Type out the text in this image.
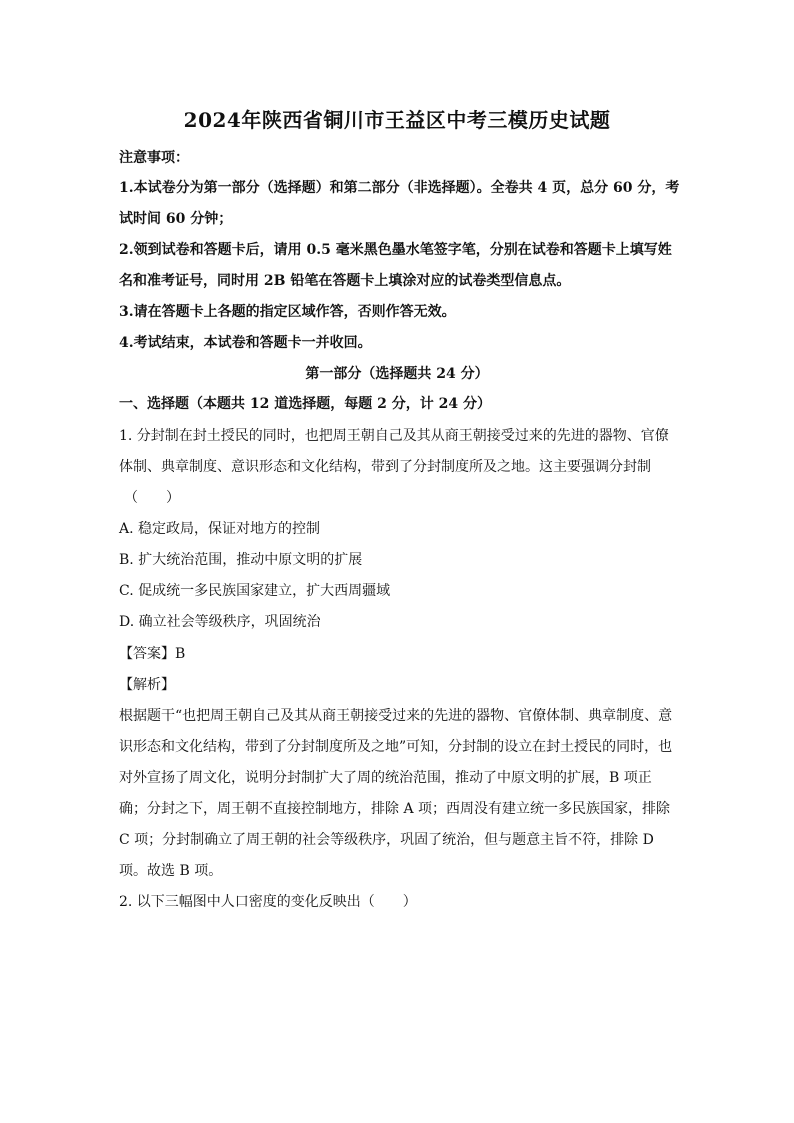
2024年陕西省铜川市王益区中考三模历史试题
注意事项：
1.本试卷分为第一部分（选择题）和第二部分（非选择题）。全卷共 4 页，总分 60 分，考
试时间 60 分钟；
2.领到试卷和答题卡后，请用 0.5 毫米黑色墨水笔签字笔，分别在试卷和答题卡上填写姓
名和准考证号，同时用 2B 铅笔在答题卡上填涂对应的试卷类型信息点。
3.请在答题卡上各题的指定区域作答，否则作答无效。
4.考试结束，本试卷和答题卡一并收回。
第一部分（选择题共 24 分）
一、选择题（本题共 12 道选择题，每题 2 分，计 24 分）
1. 分封制在封土授民的同时，也把周王朝自己及其从商王朝接受过来的先进的器物、官僚
体制、典章制度、意识形态和文化结构，带到了分封制度所及之地。这主要强调分封制
（　　）
A. 稳定政局，保证对地方的控制
B. 扩大统治范围，推动中原文明的扩展
C. 促成统一多民族国家建立，扩大西周疆域
D. 确立社会等级秩序，巩固统治
【答案】B
【解析】
根据题干“也把周王朝自己及其从商王朝接受过来的先进的器物、官僚体制、典章制度、意
识形态和文化结构，带到了分封制度所及之地”可知，分封制的设立在封土授民的同时，也
对外宣扬了周文化，说明分封制扩大了周的统治范围，推动了中原文明的扩展，B 项正
确；分封之下，周王朝不直接控制地方，排除 A 项；西周没有建立统一多民族国家，排除
C 项；分封制确立了周王朝的社会等级秩序，巩固了统治，但与题意主旨不符，排除 D
项。故选 B 项。
2. 以下三幅图中人口密度的变化反映出（　　）
